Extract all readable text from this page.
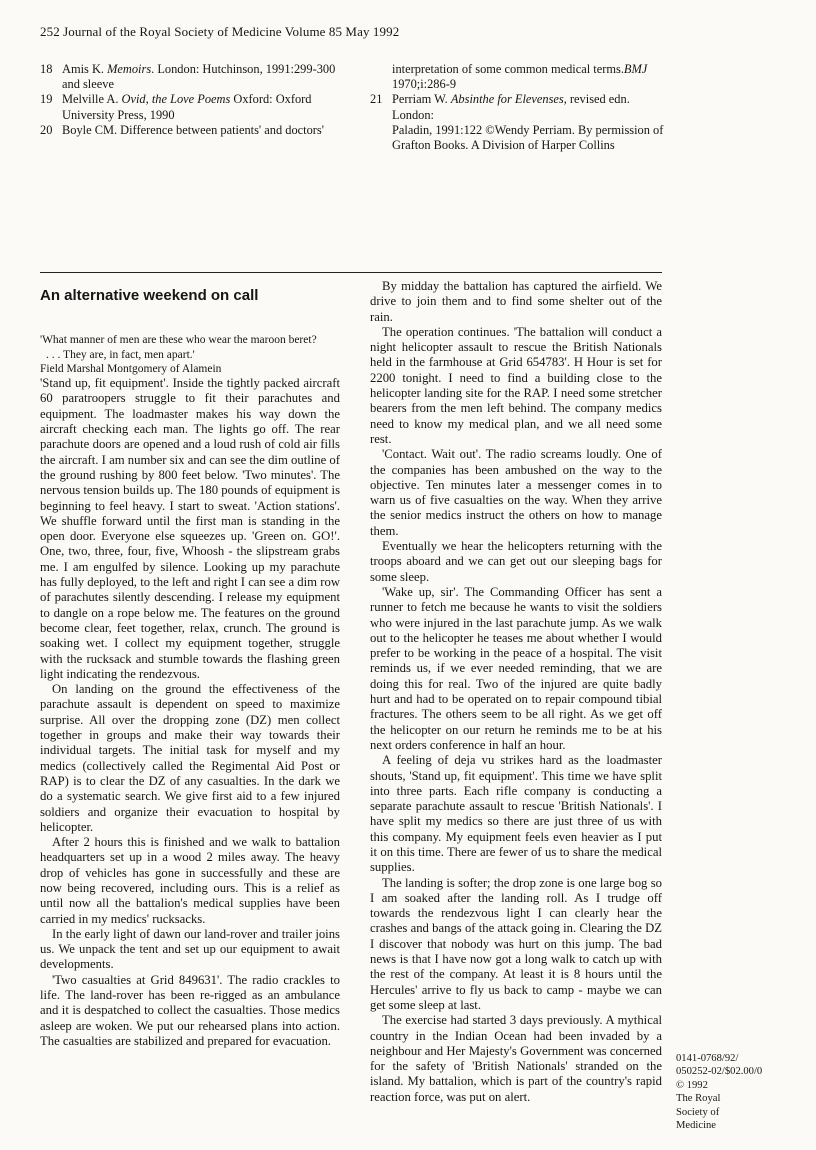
252 Journal of the Royal Society of Medicine Volume 85 May 1992
18 Amis K. Memoirs. London: Hutchinson, 1991:299-300
and sleeve
19 Melville A. Ovid, the Love Poems Oxford: Oxford
University Press, 1990
20 Boyle CM. Difference between patients' and doctors'
interpretation of some common medical terms. BMJ
1970;i:286-9
21 Perriam W. Absinthe for Elevenses, revised edn. London:
Paladin, 1991:122 ©Wendy Perriam. By permission of
Grafton Books. A Division of Harper Collins
An alternative weekend on call

'What manner of men are these who wear the maroon beret?
. . . They are, in fact, men apart.'
Field Marshal Montgomery of Alamein

'Stand up, fit equipment'. Inside the tightly packed aircraft 60 paratroopers struggle to fit their parachutes and equipment. The loadmaster makes his way down the aircraft checking each man. The lights go off. The rear parachute doors are opened and a loud rush of cold air fills the aircraft. I am number six and can see the dim outline of the ground rushing by 800 feet below. 'Two minutes'. The nervous tension builds up. The 180 pounds of equipment is beginning to feel heavy. I start to sweat. 'Action stations'. We shuffle forward until the first man is standing in the open door. Everyone else squeezes up. 'Green on. GO!'. One, two, three, four, five, Whoosh - the slipstream grabs me. I am engulfed by silence. Looking up my parachute has fully deployed, to the left and right I can see a dim row of parachutes silently descending. I release my equipment to dangle on a rope below me. The features on the ground become clear, feet together, relax, crunch. The ground is soaking wet. I collect my equipment together, struggle with the rucksack and stumble towards the flashing green light indicating the rendezvous.

On landing on the ground the effectiveness of the parachute assault is dependent on speed to maximize surprise. All over the dropping zone (DZ) men collect together in groups and make their way towards their individual targets. The initial task for myself and my medics (collectively called the Regimental Aid Post or RAP) is to clear the DZ of any casualties. In the dark we do a systematic search. We give first aid to a few injured soldiers and organize their evacuation to hospital by helicopter.

After 2 hours this is finished and we walk to battalion headquarters set up in a wood 2 miles away. The heavy drop of vehicles has gone in successfully and these are now being recovered, including ours. This is a relief as until now all the battalion's medical supplies have been carried in my medics' rucksacks.

In the early light of dawn our land-rover and trailer joins us. We unpack the tent and set up our equipment to await developments.

'Two casualties at Grid 849631'. The radio crackles to life. The land-rover has been re-rigged as an ambulance and it is despatched to collect the casualties. Those medics asleep are woken. We put our rehearsed plans into action. The casualties are stabilized and prepared for evacuation.

By midday the battalion has captured the airfield. We drive to join them and to find some shelter out of the rain.

The operation continues. 'The battalion will conduct a night helicopter assault to rescue the British Nationals held in the farmhouse at Grid 654783'. H Hour is set for 2200 tonight. I need to find a building close to the helicopter landing site for the RAP. I need some stretcher bearers from the men left behind. The company medics need to know my medical plan, and we all need some rest.

'Contact. Wait out'. The radio screams loudly. One of the companies has been ambushed on the way to the objective. Ten minutes later a messenger comes in to warn us of five casualties on the way. When they arrive the senior medics instruct the others on how to manage them.

Eventually we hear the helicopters returning with the troops aboard and we can get out our sleeping bags for some sleep.

'Wake up, sir'. The Commanding Officer has sent a runner to fetch me because he wants to visit the soldiers who were injured in the last parachute jump. As we walk out to the helicopter he teases me about whether I would prefer to be working in the peace of a hospital. The visit reminds us, if we ever needed reminding, that we are doing this for real. Two of the injured are quite badly hurt and had to be operated on to repair compound tibial fractures. The others seem to be all right. As we get off the helicopter on our return he reminds me to be at his next orders conference in half an hour.

A feeling of deja vu strikes hard as the loadmaster shouts, 'Stand up, fit equipment'. This time we have split into three parts. Each rifle company is conducting a separate parachute assault to rescue 'British Nationals'. I have split my medics so there are just three of us with this company. My equipment feels even heavier as I put it on this time. There are fewer of us to share the medical supplies.

The landing is softer; the drop zone is one large bog so I am soaked after the landing roll. As I trudge off towards the rendezvous light I can clearly hear the crashes and bangs of the attack going in. Clearing the DZ I discover that nobody was hurt on this jump. The bad news is that I have now got a long walk to catch up with the rest of the company. At least it is 8 hours until the Hercules' arrive to fly us back to camp - maybe we can get some sleep at last.

The exercise had started 3 days previously. A mythical country in the Indian Ocean had been invaded by a neighbour and Her Majesty's Government was concerned for the safety of 'British Nationals' stranded on the island. My battalion, which is part of the country's rapid reaction force, was put on alert.

0141-0768/92/
050252-02/$02.00/0
© 1992
The Royal
Society of
Medicine
